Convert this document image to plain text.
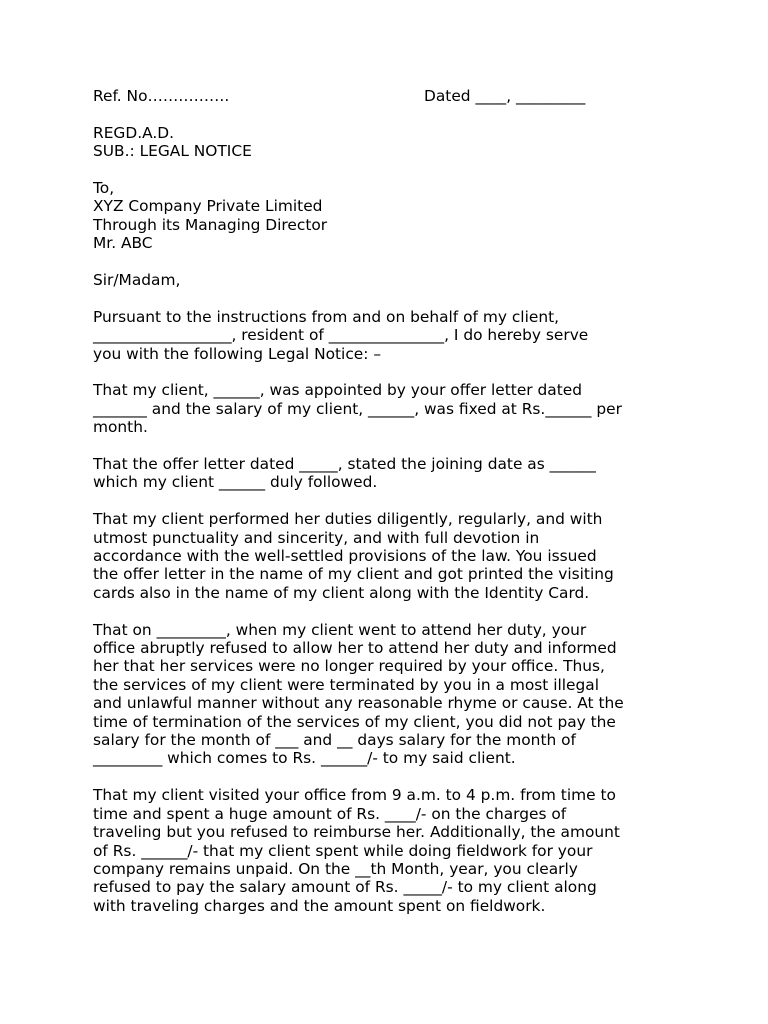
Ref. No…………….	Dated ____, _________
REGD.A.D.
SUB.: LEGAL NOTICE
To,
XYZ Company Private Limited
Through its Managing Director
Mr. ABC
Sir/Madam,
Pursuant to the instructions from and on behalf of my client,
__________________, resident of _______________, I do hereby serve
you with the following Legal Notice: –
That my client, ______, was appointed by your offer letter dated
_______ and the salary of my client, ______, was fixed at Rs.______ per
month.
That the offer letter dated _____, stated the joining date as ______
which my client ______ duly followed.
That my client performed her duties diligently, regularly, and with
utmost punctuality and sincerity, and with full devotion in
accordance with the well-settled provisions of the law. You issued
the offer letter in the name of my client and got printed the visiting
cards also in the name of my client along with the Identity Card.
That on _________, when my client went to attend her duty, your
office abruptly refused to allow her to attend her duty and informed
her that her services were no longer required by your office. Thus,
the services of my client were terminated by you in a most illegal
and unlawful manner without any reasonable rhyme or cause. At the
time of termination of the services of my client, you did not pay the
salary for the month of ___ and __ days salary for the month of
_________ which comes to Rs. ______/- to my said client.
That my client visited your office from 9 a.m. to 4 p.m. from time to
time and spent a huge amount of Rs. ____/- on the charges of
traveling but you refused to reimburse her. Additionally, the amount
of Rs. ______/- that my client spent while doing fieldwork for your
company remains unpaid. On the __th Month, year, you clearly
refused to pay the salary amount of Rs. _____/- to my client along
with traveling charges and the amount spent on fieldwork.
